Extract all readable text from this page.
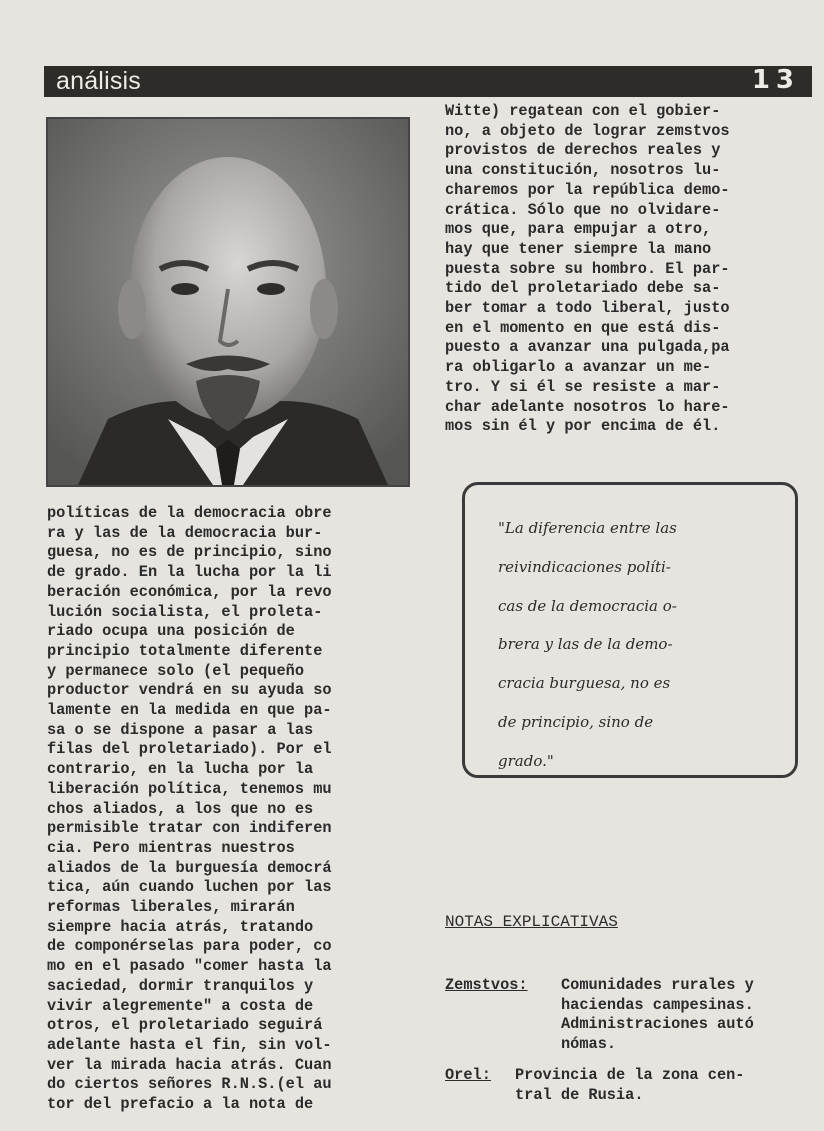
análisis	13
Witte) regatean con el gobier-
no, a objeto de lograr zemstvos
provistos de derechos reales y
una constitución, nosotros lu-
charemos por la república demo-
crática. Sólo que no olvidare-
mos que, para empujar a otro,
hay que tener siempre la mano
puesta sobre su hombro. El par-
tido del proletariado debe sa-
ber tomar a todo liberal, justo
en el momento en que está dis-
puesto a avanzar una pulgada,pa
ra obligarlo a avanzar un me-
tro. Y si él se resiste a mar-
char adelante nosotros lo hare-
mos sin él y por encima de él.
políticas de la democracia obre
ra y las de la democracia bur-
guesa, no es de principio, sino
de grado. En la lucha por la li
beración económica, por la revo
lución socialista, el proleta-
riado ocupa una posición de
principio totalmente diferente
y permanece solo (el pequeño
productor vendrá en su ayuda so
lamente en la medida en que pa-
sa o se dispone a pasar a las
filas del proletariado). Por el
contrario, en la lucha por la
liberación política, tenemos mu
chos aliados, a los que no es
permisible tratar con indiferen
cia. Pero mientras nuestros
aliados de la burguesía democrá
tica, aún cuando luchen por las
reformas liberales, mirarán
siempre hacia atrás, tratando
de componérselas para poder, co
mo en el pasado "comer hasta la
saciedad, dormir tranquilos y
vivir alegremente" a costa de
otros, el proletariado seguirá
adelante hasta el fin, sin vol-
ver la mirada hacia atrás. Cuan
do ciertos señores R.N.S.(el au
tor del prefacio a la nota de
"La diferencia entre las
reivindicaciones políti-
cas de la democracia o-
brera y las de la demo-
cracia burguesa, no es
de principio, sino de
grado."
NOTAS EXPLICATIVAS
Zemstvos: Comunidades rurales y
haciendas campesinas.
Administraciones autó
nómas.
Orel: Provincia de la zona cen-
tral de Rusia.
